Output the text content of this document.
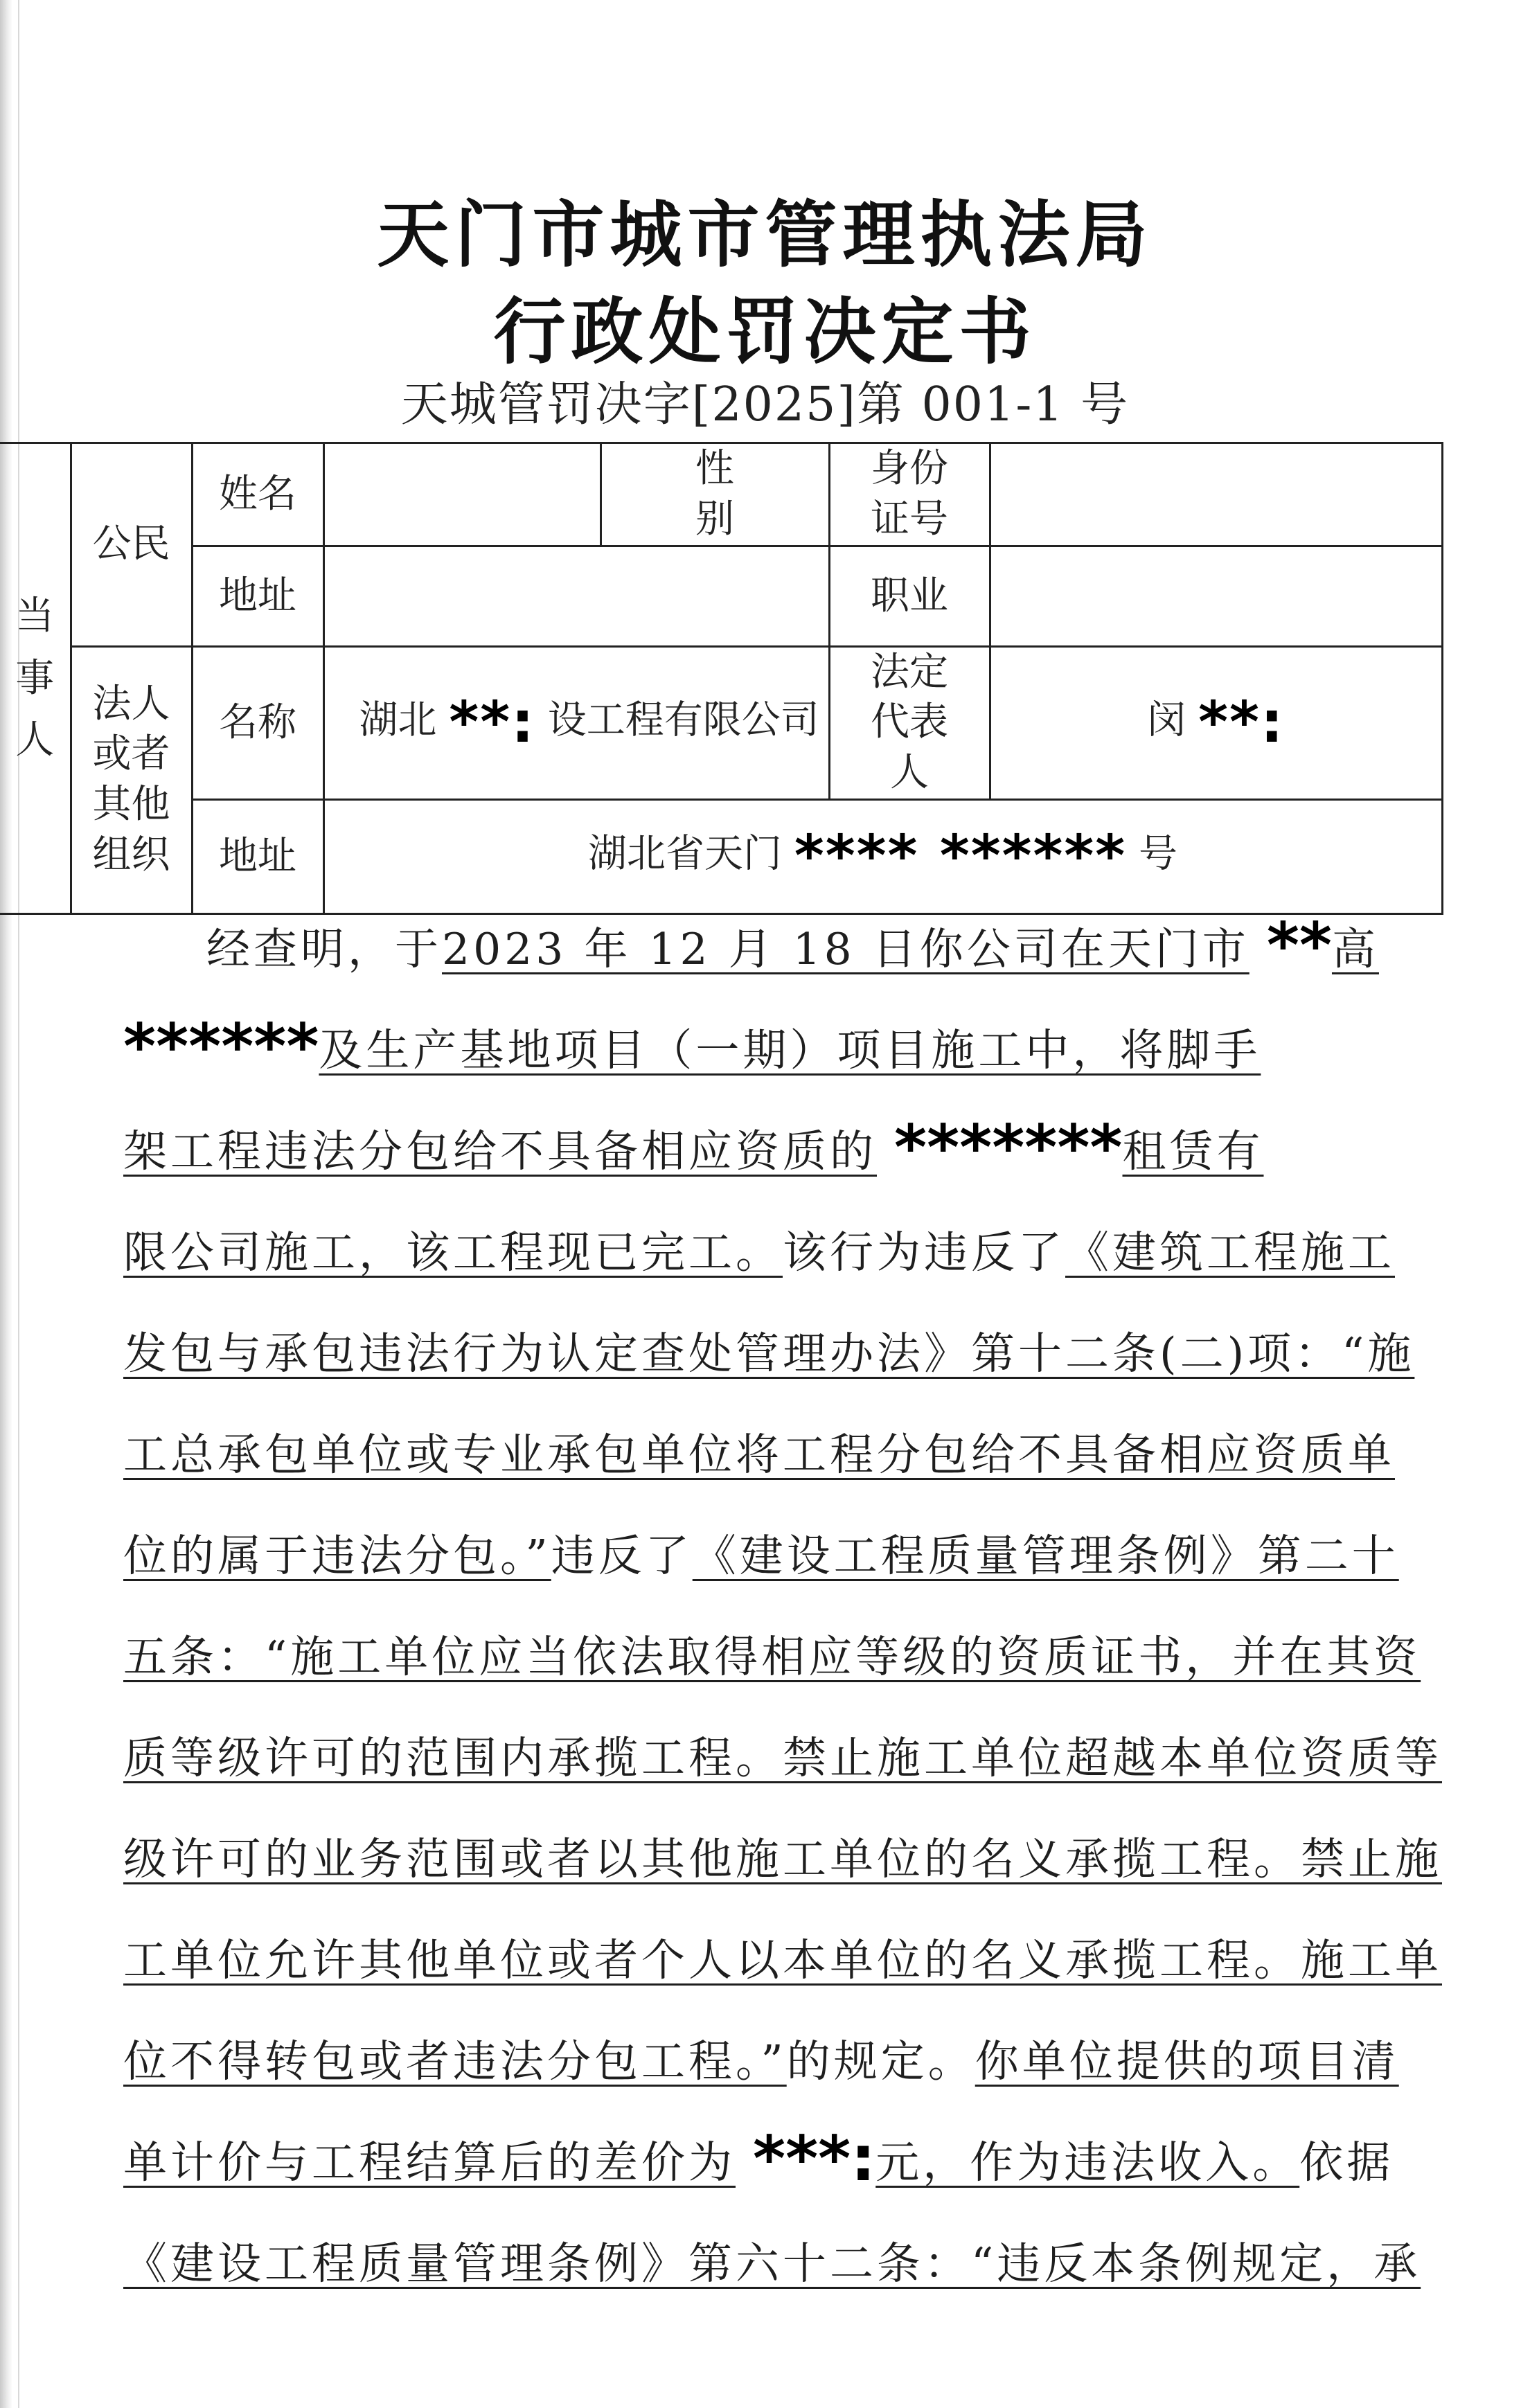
天门市城市管理执法局
行政处罚决定书
天城管罚决字[2025]第 001-1 号
当
事
人	公民	姓名		性别	身份证号	
		地址			职业	
	法人或者其他组织	名称	湖北 **: 设工程有限公司		法定代表人	闵 **:
		地址	湖北省天门 **** ****** 号			
经查明，于 2023 年 12 月 18 日你公司在天门市
** 高
****** 及生产基地项目（一期）项目施工中，将脚手
架工程违法分包给不具备相应资质的
******* 租赁有
限公司施工，该工程现已完工。 该行为违反了 《建筑工程施工
发包与承包违法行为认定查处管理办法》第十二条(二)项：“施
工总承包单位或专业承包单位将工程分包给不具备相应资质单
位的属于违法分包。” 违反了 《建设工程质量管理条例》第二十
五条：“施工单位应当依法取得相应等级的资质证书，并在其资
质等级许可的范围内承揽工程。禁止施工单位超越本单位资质等
级许可的业务范围或者以其他施工单位的名义承揽工程。禁止施
工单位允许其他单位或者个人以本单位的名义承揽工程。施工单
位不得转包或者违法分包工程。” 的规定。 你单位提供的项目清
单计价与工程结算后的差价为
***: 元，作为违法收入。 依据
《建设工程质量管理条例》第六十二条：“违反本条例规定，承
